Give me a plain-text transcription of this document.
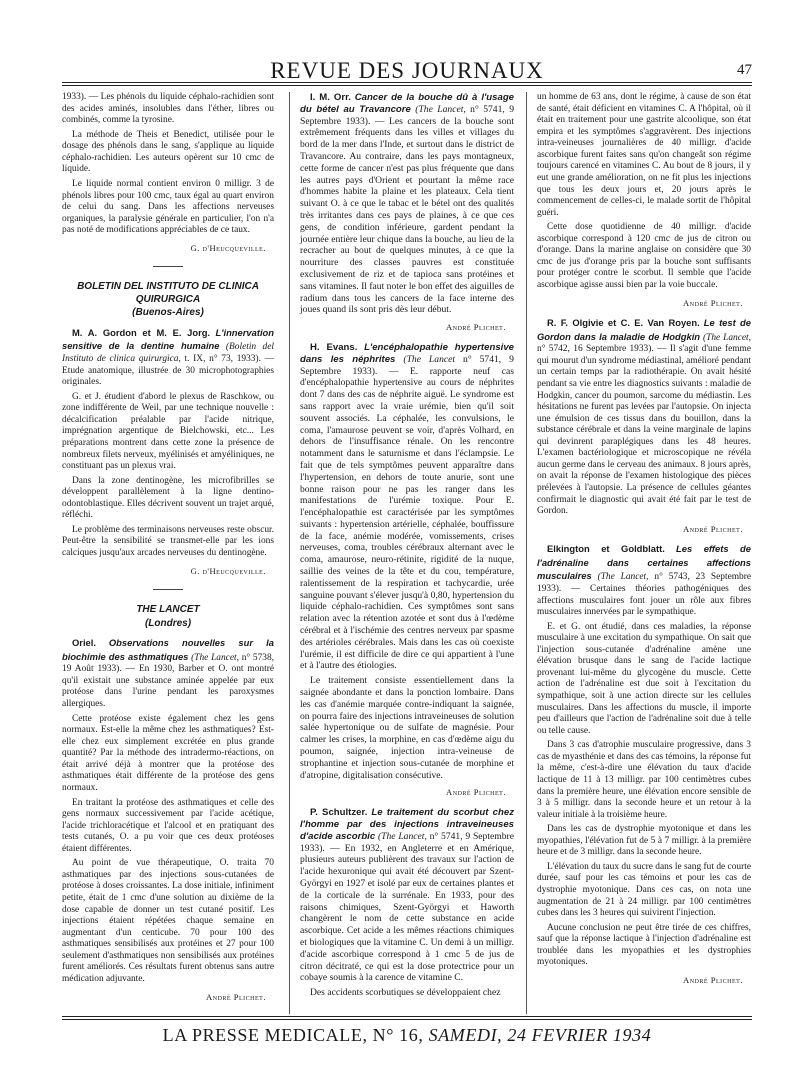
REVUE DES JOURNAUX	47

1933). — Les phénols du liquide céphalo-rachidien sont des acides aminés, insolubles dans l'éther, libres ou combinés, comme la tyrosine.

La méthode de Theis et Benedict, utilisée pour le dosage des phénols dans le sang, s'applique au liquide céphalo-rachidien. Les auteurs opèrent sur 10 cmc de liquide.

Le liquide normal contient environ 0 milligr. 3 de phénols libres pour 100 cmc, taux égal au quart environ de celui du sang. Dans les affections nerveuses organiques, la paralysie générale en particulier, l'on n'a pas noté de modifications appréciables de ce taux.

G. d'Heucqueville.
BOLETIN DEL INSTITUTO DE CLINICA QUIRURGICA
(Buenos-Aires)

M. A. Gordon et M. E. Jorg. L'innervation sensitive de la dentine humaine (Boletin del Instituto de clinica quirurgica, t. IX, n° 73, 1933). — Etude anatomique, illustrée de 30 microphotographies originales.

G. et J. étudient d'abord le plexus de Raschkow, ou zone indifférente de Weil, par une technique nouvelle : décalcification préalable par l'acide nitrique, imprégnation argentique de Bielchowski, etc... Les préparations montrent dans cette zone la présence de nombreux filets nerveux, myélinisés et amyéliniques, ne constituant pas un plexus vrai.

Dans la zone dentinogène, les microfibrilles se développent parallèlement à la ligne dentino-odontoblastique. Elles décrivent souvent un trajet arqué, réfléchi.

Le problème des terminaisons nerveuses reste obscur. Peut-être la sensibilité se transmet-elle par les ions calciques jusqu'aux arcades nerveuses du dentinogène.

G. d'Heucqueville.
THE LANCET
(Londres)

Oriel. Observations nouvelles sur la biochimie des asthmatiques (The Lancet, n° 5738, 19 Août 1933). — En 1930, Barber et O. ont montré qu'il existait une substance aminée appelée par eux protéose dans l'urine pendant les paroxysmes allergiques.

Cette protéose existe également chez les gens normaux. Est-elle la même chez les asthmatiques? Est-elle chez eux simplement excrétée en plus grande quantité? Par la méthode des intradermo-réactions, on était arrivé déjà à montrer que la protéose des asthmatiques était différente de la protéose des gens normaux.

En traitant la protéose des asthmatiques et celle des gens normaux successivement par l'acide acétique, l'acide trichloracétique et l'alcool et en pratiquant des tests cutanés, O. a pu voir que ces deux protéoses étaient différentes.

Au point de vue thérapeutique, O. traita 70 asthmatiques par des injections sous-cutanées de protéose à doses croissantes. La dose initiale, infiniment petite, était de 1 cmc d'une solution au dixième de la dose capable de donner un test cutané positif. Les injections étaient répétées chaque semaine en augmentant d'un centicube. 70 pour 100 des asthmatiques sensibilisés aux protéines et 27 pour 100 seulement d'asthmatiques non sensibilisés aux protéines furent améliorés. Ces résultats furent obtenus sans autre médication adjuvante.

André Plichet.

I. M. Orr. Cancer de la bouche dû à l'usage du bétel au Travancore (The Lancet, n° 5741, 9 Septembre 1933). — Les cancers de la bouche sont extrêmement fréquents dans les villes et villages du bord de la mer dans l'Inde, et surtout dans le district de Travancore. Au contraire, dans les pays montagneux, cette forme de cancer n'est pas plus fréquente que dans les autres pays d'Orient et pourtant la même race d'hommes habite la plaine et les plateaux. Cela tient suivant O. à ce que le tabac et le bétel ont des qualités très irritantes dans ces pays de plaines, à ce que ces gens, de condition inférieure, gardent pendant la journée entière leur chique dans la bouche, au lieu de la recracher au bout de quelques minutes, à ce que la nourriture des classes pauvres est constituée exclusivement de riz et de tapioca sans protéines et sans vitamines. Il faut noter le bon effet des aiguilles de radium dans tous les cancers de la face interne des joues quand ils sont pris dès leur début.

André Plichet.

H. Evans. L'encéphalopathie hypertensive dans les néphrites (The Lancet n° 5741, 9 Septembre 1933). — E. rapporte neuf cas d'encéphalopathie hypertensive au cours de néphrites dont 7 dans des cas de néphrite aiguë. Le syndrome est sans rapport avec la vraie urémie, bien qu'il soit souvent associés. La céphalée, les convulsions, le coma, l'amaurose peuvent se voir, d'après Volhard, en dehors de l'insuffisance rénale. On les rencontre notamment dans le saturnisme et dans l'éclampsie. Le fait que de tels symptômes peuvent apparaître dans l'hypertension, en dehors de toute anurie, sont une bonne raison pour ne pas les ranger dans les manifestations de l'urémie toxique. Pour E. l'encéphalopathie est caractérisée par les symptômes suivants : hypertension artérielle, céphalée, bouffissure de la face, anémie modérée, vomissements, crises nerveuses, coma, troubles cérébraux alternant avec le coma, amaurose, neuro-rétinite, rigidité de la nuque, saillie des veines de la tête et du cou, température, ralentissement de la respiration et tachycardie, urée sanguine pouvant s'élever jusqu'à 0,80, hypertension du liquide céphalo-rachidien. Ces symptômes sont sans relation avec la rétention azotée et sont dus à l'œdème cérébral et à l'ischémie des centres nerveux par spasme des artérioles cérébrales. Mais dans les cas où coexiste l'urémie, il est difficile de dire ce qui appartient à l'une et à l'autre des étiologies.

Le traitement consiste essentiellement dans la saignée abondante et dans la ponction lombaire. Dans les cas d'anémie marquée contre-indiquant la saignée, on pourra faire des injections intraveineuses de solution salée hypertonique ou de sulfate de magnésie. Pour calmer les crises, la morphine, en cas d'œdème aigu du poumon, saignée, injection intra-veineuse de strophantine et injection sous-cutanée de morphine et d'atropine, digitalisation consécutive.

André Plichet.

P. Schultzer. Le traitement du scorbut chez l'homme par des injections intraveineuses d'acide ascorbic (The Lancet, n° 5741, 9 Septembre 1933). — En 1932, en Angleterre et en Amérique, plusieurs auteurs publièrent des travaux sur l'action de l'acide hexuronique qui avait été découvert par Szent-Györgyi en 1927 et isolé par eux de certaines plantes et de la corticale de la surrénale. En 1933, pour des raisons chimiques, Szent-Györgyi et Haworth changèrent le nom de cette substance en acide ascorbique. Cet acide a les mêmes réactions chimiques et biologiques que la vitamine C. Un demi à un milligr. d'acide ascorbique correspond à 1 cmc 5 de jus de citron décitraté, ce qui est la dose protectrice pour un cobaye soumis à la carence de vitamine C.

Des accidents scorbutiques se développaient chez

un homme de 63 ans, dont le régime, à cause de son état de santé, était déficient en vitamines C. A l'hôpital, où il était en traitement pour une gastrite alcoolique, son état empira et les symptômes s'aggravèrent. Des injections intra-veineuses journalières de 40 milligr. d'acide ascorbique furent faites sans qu'on changeât son régime toujours carencé en vitamines C. Au bout de 8 jours, il y eut une grande amélioration, on ne fit plus les injections que tous les deux jours et, 20 jours après le commencement de celles-ci, le malade sortit de l'hôpital guéri.

Cette dose quotidienne de 40 milligr. d'acide ascorbique correspond à 120 cmc de jus de citron ou d'orange. Dans la marine anglaise on considère que 30 cmc de jus d'orange pris par la bouche sont suffisants pour protéger contre le scorbut. Il semble que l'acide ascorbique agisse aussi bien par la voie buccale.

André Plichet.

R. F. Olgivie et C. E. Van Royen. Le test de Gordon dans la maladie de Hodgkin (The Lancet, n° 5742, 16 Septembre 1933). — Il s'agit d'une femme qui mourut d'un syndrome médiastinal, amélioré pendant un certain temps par la radiothérapie. On avait hésité pendant sa vie entre les diagnostics suivants : maladie de Hodgkin, cancer du poumon, sarcome du médiastin. Les hésitations ne furent pas levées par l'autopsie. On injecta une émulsion de ces tissus dans du bouillon, dans la substance cérébrale et dans la veine marginale de lapins qui devinrent paraplégiques dans les 48 heures. L'examen bactériologique et microscopique ne révéla aucun germe dans le cerveau des animaux. 8 jours après, on avait la réponse de l'examen histologique des pièces prélevées à l'autopsie. La présence de cellules géantes confirmait le diagnostic qui avait été fait par le test de Gordon.

André Plichet.

Elkington et Goldblatt. Les effets de l'adrénaline dans certaines affections musculaires (The Lancet, n° 5743, 23 Septembre 1933). — Certaines théories pathogéniques des affections musculaires font jouer un rôle aux fibres musculaires innervées par le sympathique.

E. et G. ont étudié, dans ces maladies, la réponse musculaire à une excitation du sympathique. On sait que l'injection sous-cutanée d'adrénaline amène une élévation brusque dans le sang de l'acide lactique provenant lui-même du glycogène du muscle. Cette action de l'adrénaline est due soit à l'excitation du sympathique, soit à une action directe sur les cellules musculaires. Dans les affections du muscle, il importe peu d'ailleurs que l'action de l'adrénaline soit due à telle ou telle cause.

Dans 3 cas d'atrophie musculaire progressive, dans 3 cas de myasthénie et dans des cas témoins, la réponse fut la même, c'est-à-dire une élévation du taux d'acide lactique de 11 à 13 milligr. par 100 centimètres cubes dans la première heure, une élévation encore sensible de 3 à 5 milligr. dans la seconde heure et un retour à la valeur initiale à la troisième heure.

Dans les cas de dystrophie myotonique et dans les myopathies, l'élévation fut de 5 à 7 milligr. à la première heure et de 3 milligr. dans la seconde heure.

L'élévation du taux du sucre dans le sang fut de courte durée, sauf pour les cas témoins et pour les cas de dystrophie myotonique. Dans ces cas, on nota une augmentation de 21 à 24 milligr. par 100 centimètres cubes dans les 3 heures qui suivirent l'injection.

Aucune conclusion ne peut être tirée de ces chiffres, sauf que la réponse lactique à l'injection d'adrénaline est troublée dans les myopathies et les dystrophies myotoniques.

André Plichet.
LA PRESSE MEDICALE, N° 16, SAMEDI, 24 FEVRIER 1934
